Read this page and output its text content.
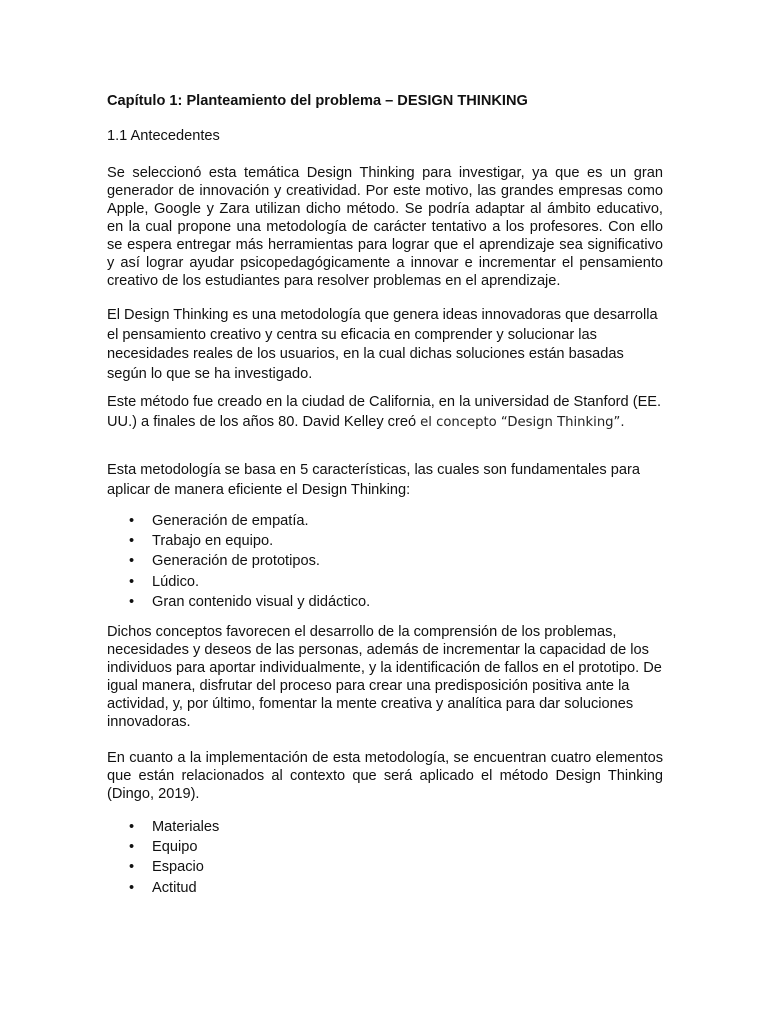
Capítulo 1: Planteamiento del problema – DESIGN THINKING

1.1 Antecedentes

Se seleccionó esta temática Design Thinking para investigar, ya que es un gran generador de innovación y creatividad. Por este motivo, las grandes empresas como Apple, Google y Zara utilizan dicho método. Se podría adaptar al ámbito educativo, en la cual propone una metodología de carácter tentativo a los profesores. Con ello se espera entregar más herramientas para lograr que el aprendizaje sea significativo y así lograr ayudar psicopedagógicamente a innovar e incrementar el pensamiento creativo de los estudiantes para resolver problemas en el aprendizaje.

El Design Thinking es una metodología que genera ideas innovadoras que desarrolla el pensamiento creativo y centra su eficacia en comprender y solucionar las necesidades reales de los usuarios, en la cual dichas soluciones están basadas según lo que se ha investigado.

Este método fue creado en la ciudad de California, en la universidad de Stanford (EE. UU.) a finales de los años 80. David Kelley creó el concepto “Design Thinking”.

Esta metodología se basa en 5 características, las cuales son fundamentales para aplicar de manera eficiente el Design Thinking:

• Generación de empatía.
• Trabajo en equipo.
• Generación de prototipos.
• Lúdico.
• Gran contenido visual y didáctico.

Dichos conceptos favorecen el desarrollo de la comprensión de los problemas, necesidades y deseos de las personas, además de incrementar la capacidad de los individuos para aportar individualmente, y la identificación de fallos en el prototipo. De igual manera, disfrutar del proceso para crear una predisposición positiva ante la actividad, y, por último, fomentar la mente creativa y analítica para dar soluciones innovadoras.

En cuanto a la implementación de esta metodología, se encuentran cuatro elementos que están relacionados al contexto que será aplicado el método Design Thinking (Dingo, 2019).

• Materiales
• Equipo
• Espacio
• Actitud
